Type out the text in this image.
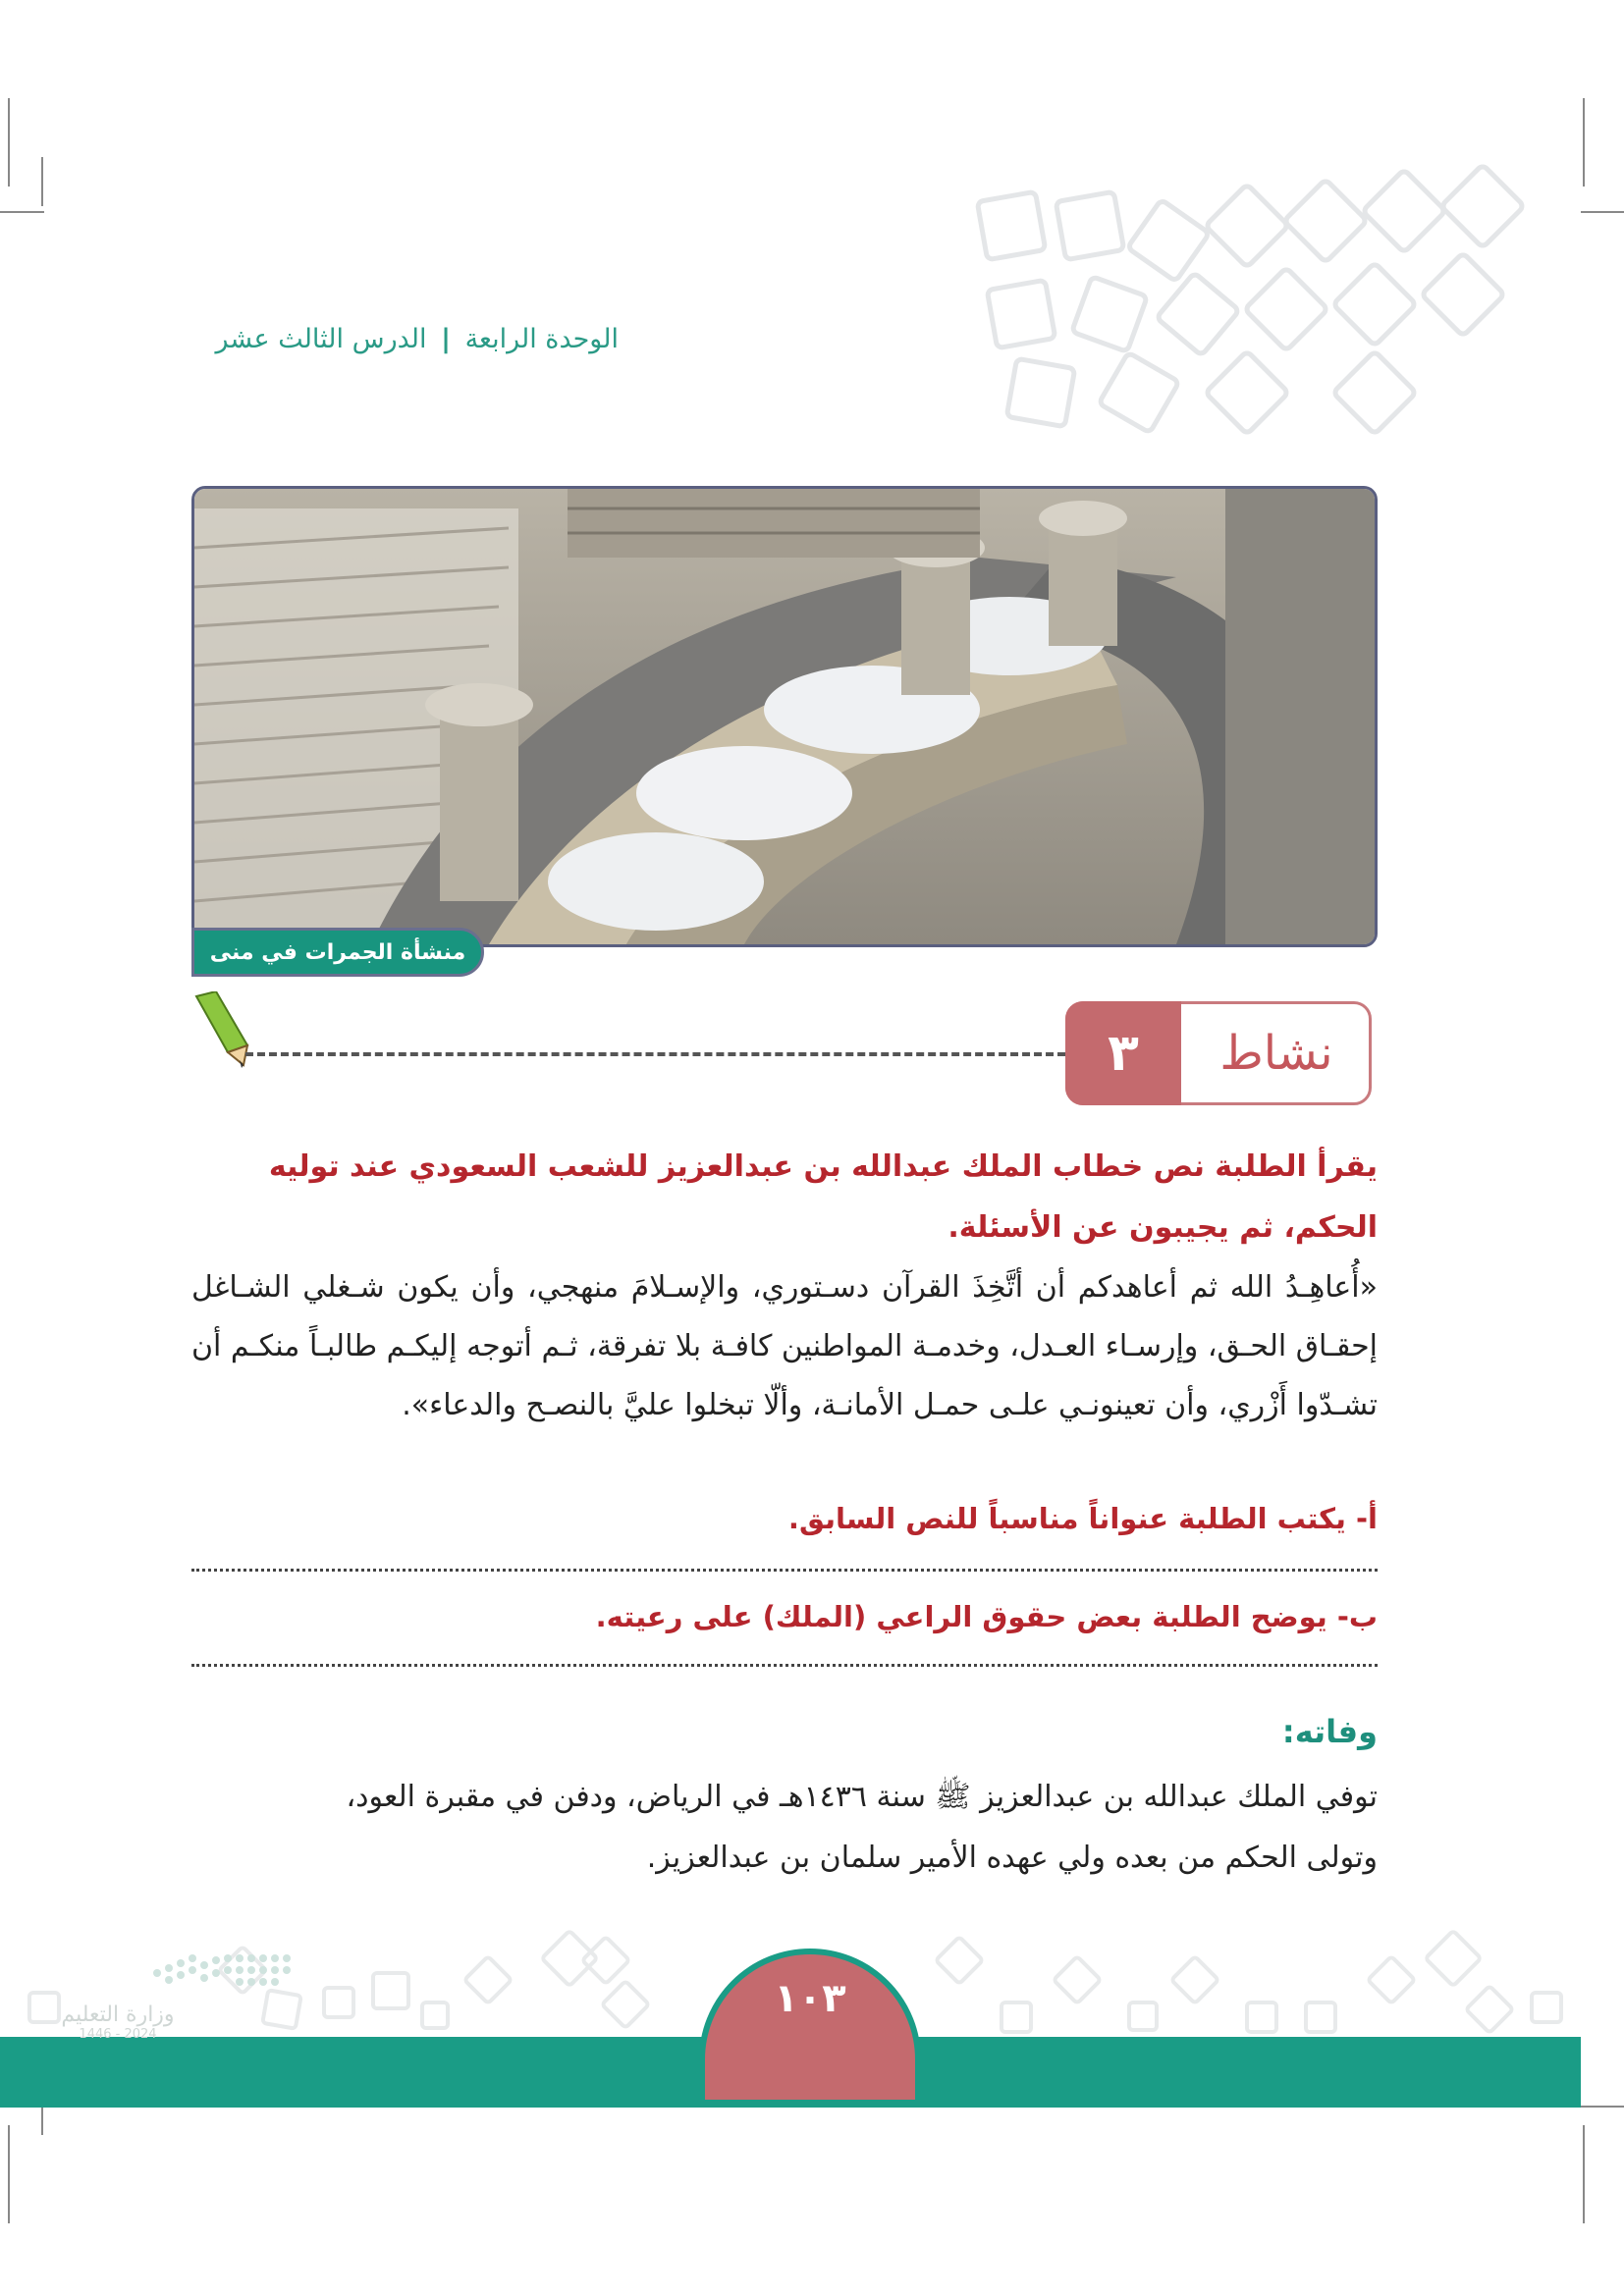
الوحدة الرابعة | الدرس الثالث عشر
منشأة الجمرات في منى
٣	نشاط
يقرأ الطلبة نص خطاب الملك عبدالله بن عبدالعزيز للشعب السعودي عند توليه الحكم، ثم يجيبون عن الأسئلة.
«أُعاهِـدُ الله ثم أعاهدكم أن أتَّخِذَ القرآن دسـتوري، والإسـلامَ منهجي، وأن يكون شـغلي الشـاغل إحقـاق الحـق، وإرسـاء العـدل، وخدمـة المواطنين كافـة بلا تفرقة، ثـم أتوجه إليكـم طالبـاً منكـم أن تشـدّوا أَزْري، وأن تعينونـي علـى حمـل الأمانـة، وألّا تبخلوا عليَّ بالنصـح والدعاء».
أ- يكتب الطلبة عنواناً مناسباً للنص السابق.
ب- يوضح الطلبة بعض حقوق الراعي (الملك) على رعيته.
وفاته:
توفي الملك عبدالله بن عبدالعزيز ﷺ سنة ١٤٣٦هـ في الرياض، ودفن في مقبرة العود،
وتولى الحكم من بعده ولي عهده الأمير سلمان بن عبدالعزيز.
١٠٣
وزارة التعليم
2024 - 1446
